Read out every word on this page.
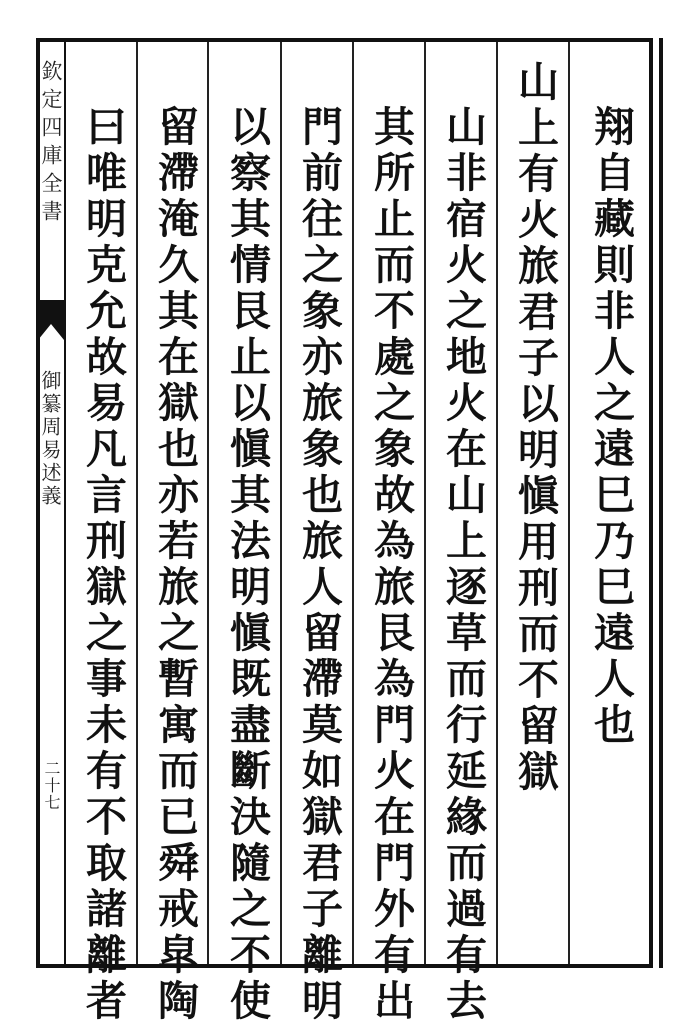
欽定四庫全書
御纂周易述義
二十七
翔自藏則非人之遠巳乃巳遠人也
山上有火旅君子以明愼用刑而不留獄
山非宿火之地火在山上逐草而行延緣而過有去
其所止而不處之象故為旅艮為門火在門外有出
門前往之象亦旅象也旅人留滯莫如獄君子離明
以察其情艮止以愼其法明愼既盡斷決隨之不使
留滯淹久其在獄也亦若旅之暫寓而已舜戒皐陶
曰唯明克允故易凡言刑獄之事未有不取諸離者
